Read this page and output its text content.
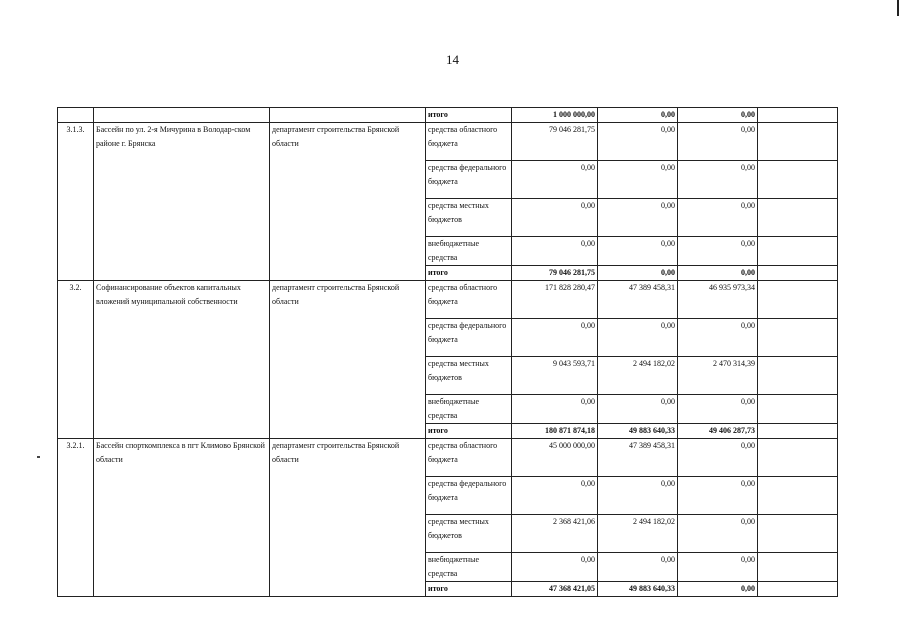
14
			итого	1 000 000,00	0,00	0,00	
3.1.3.	Бассейн по ул. 2-я Мичурина в Володар-ском районе г. Брянска	департамент строительства Брянской области	средства областного бюджета	79 046 281,75	0,00	0,00	
			средства федерального бюджета	0,00	0,00	0,00	
			средства местных бюджетов	0,00	0,00	0,00	
			внебюджетные средства	0,00	0,00	0,00	
			итого	79 046 281,75	0,00	0,00	
3.2.	Софинансирование объектов капитальных вложений муниципальной собственности	департамент строительства Брянской области	средства областного бюджета	171 828 280,47	47 389 458,31	46 935 973,34	
			средства федерального бюджета	0,00	0,00	0,00	
			средства местных бюджетов	9 043 593,71	2 494 182,02	2 470 314,39	
			внебюджетные средства	0,00	0,00	0,00	
			итого	180 871 874,18	49 883 640,33	49 406 287,73	
3.2.1.	Бассейн спорткомплекса в пгт Климово Брянской области	департамент строительства Брянской области	средства областного бюджета	45 000 000,00	47 389 458,31	0,00	
			средства федерального бюджета	0,00	0,00	0,00	
			средства местных бюджетов	2 368 421,06	2 494 182,02	0,00	
			внебюджетные средства	0,00	0,00	0,00	
			итого	47 368 421,05	49 883 640,33	0,00	
